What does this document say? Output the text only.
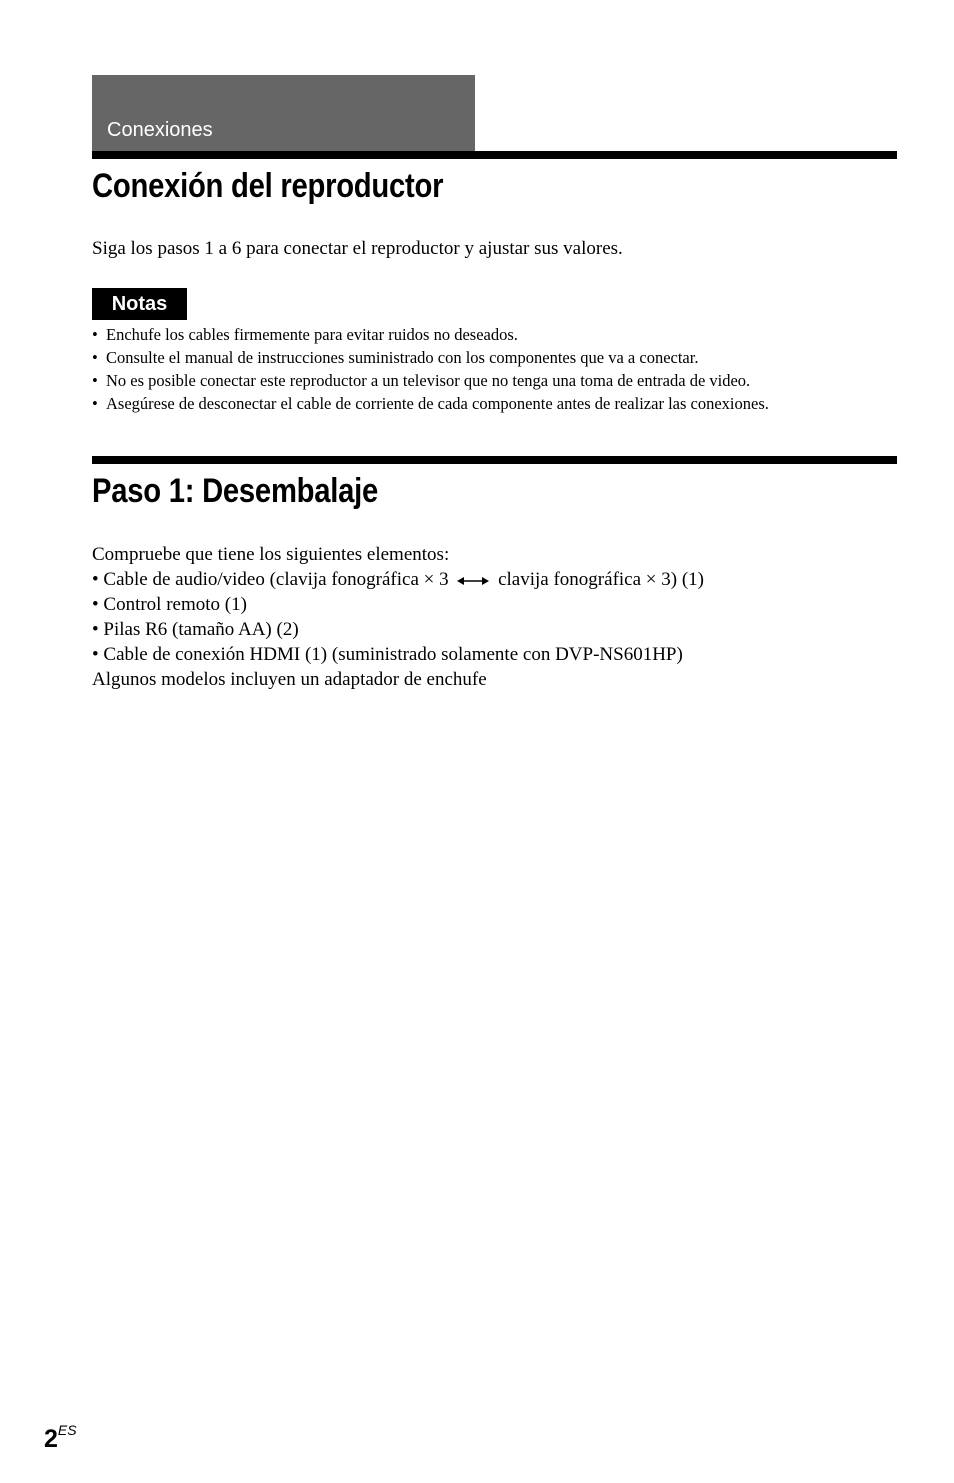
Conexiones
Conexión del reproductor

Siga los pasos 1 a 6 para conectar el reproductor y ajustar sus valores.

Notas
• Enchufe los cables firmemente para evitar ruidos no deseados.
• Consulte el manual de instrucciones suministrado con los componentes que va a conectar.
• No es posible conectar este reproductor a un televisor que no tenga una toma de entrada de video.
• Asegúrese de desconectar el cable de corriente de cada componente antes de realizar las conexiones.
Paso 1: Desembalaje
Compruebe que tiene los siguientes elementos:
• Cable de audio/video (clavija fonográfica × 3	clavija fonográfica × 3) (1)
• Control remoto (1)
• Pilas R6 (tamaño AA) (2)
• Cable de conexión HDMI (1) (suministrado solamente con DVP-NS601HP)
Algunos modelos incluyen un adaptador de enchufe
$2^{ES}$
